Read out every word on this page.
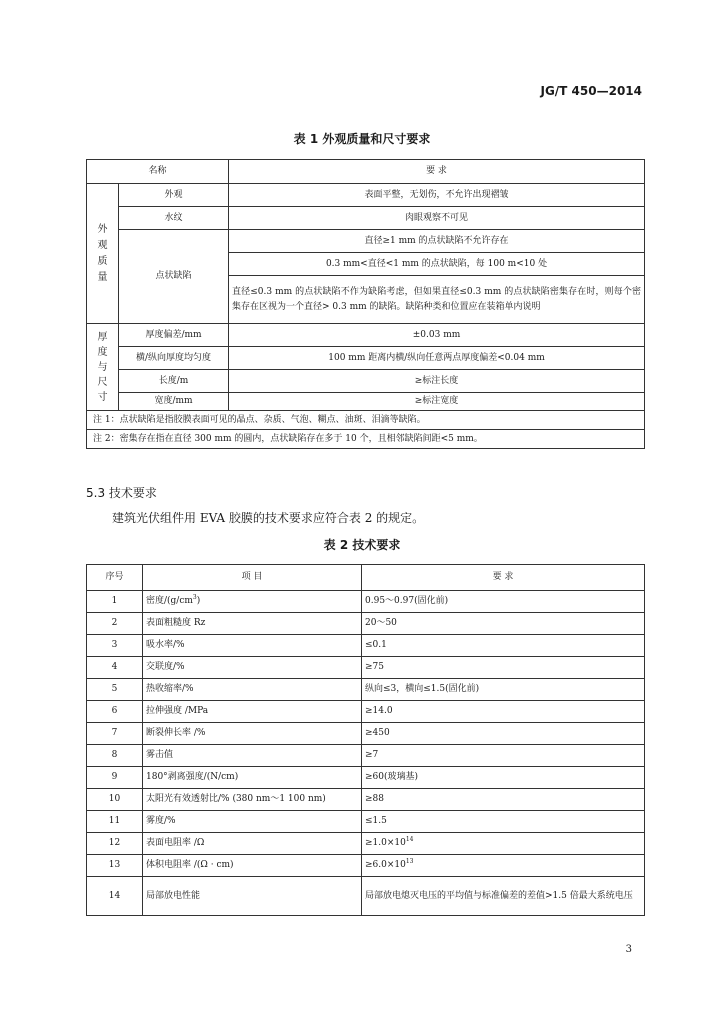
JG/T 450—2014
表 1 外观质量和尺寸要求
名称		要 求
外
观
质
量	外观	表面平整，无划伤，不允许出现褶皱
	水纹	肉眼观察不可见
	点状缺陷	直径≥1 mm 的点状缺陷不允许存在
		0.3 mm<直径<1 mm 的点状缺陷，每 100 m<10 处
		直径≤0.3 mm 的点状缺陷不作为缺陷考虑，但如果直径≤0.3 mm 的点状缺陷密集存在时，则每个密集存在区视为一个直径> 0.3 mm 的缺陷。缺陷种类和位置应在装箱单内说明
厚
度
与
尺
寸	厚度偏差/mm	±0.03 mm
	横/纵向厚度均匀度	100 mm 距离内横/纵向任意两点厚度偏差<0.04 mm
	长度/m	≥标注长度
	宽度/mm	≥标注宽度
注 1：点状缺陷是指胶膜表面可见的晶点、杂质、气泡、糊点、油斑、泪滴等缺陷。		
注 2：密集存在指在直径 300 mm 的圆内，点状缺陷存在多于 10 个，且相邻缺陷间距<5 mm。		
5.3 技术要求
建筑光伏组件用 EVA 胶膜的技术要求应符合表 2 的规定。
表 2 技术要求
序号	项 目	要 求
1	密度$/(g/cm^3)$	0.95～0.97(固化前)
2	表面粗糙度 Rz	20～50
3	吸水率/%	≤0.1
4	交联度/%	≥75
5	热收缩率/%	纵向≤3，横向≤1.5(固化前)
6	拉伸强度 /MPa	≥14.0
7	断裂伸长率 /%	≥450
8	雾击值	≥7
9	180°剥离强度/(N/cm)	≥60(玻璃基)
10	太阳光有效透射比/% (380 nm～1 100 nm)	≥88
11	雾度/%	≤1.5
12	表面电阻率 /Ω	$\ge 1.0\times 10^{14}$
13	体积电阻率 /(Ω · cm)	$\ge 6.0\times 10^{13}$
14	局部放电性能	局部放电熄灭电压的平均值与标准偏差的差值>1.5 倍最大系统电压
3
